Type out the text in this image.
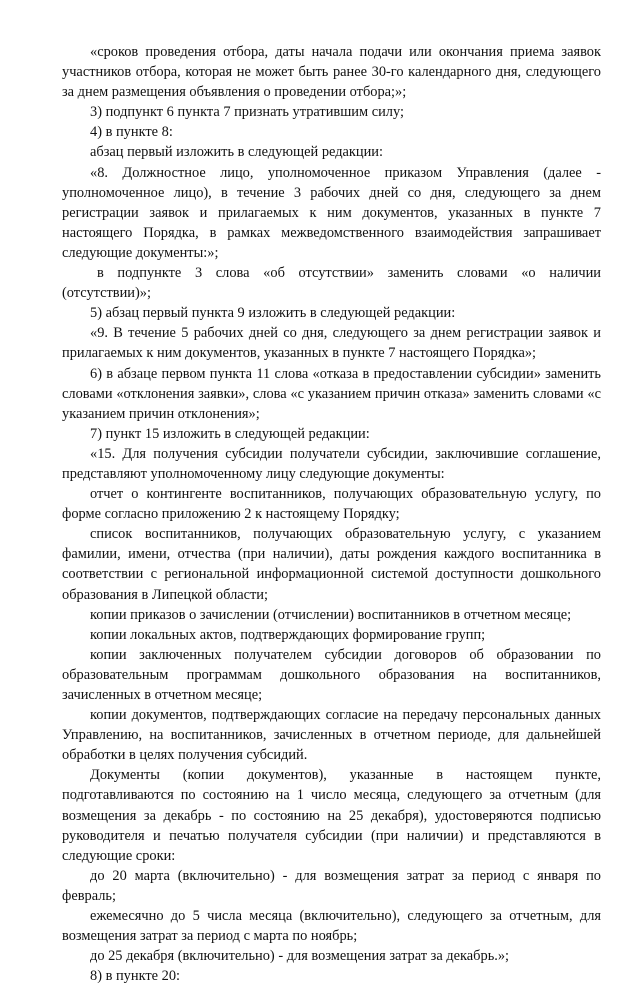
«сроков проведения отбора, даты начала подачи или окончания приема заявок участников отбора, которая не может быть ранее 30-го календарного дня, следующего за днем размещения объявления о проведении отбора;»;

3) подпункт 6 пункта 7 признать утратившим силу;

4) в пункте 8:

абзац первый изложить в следующей редакции:

«8. Должностное лицо, уполномоченное приказом Управления (далее - уполномоченное лицо), в течение 3 рабочих дней со дня, следующего за днем регистрации заявок и прилагаемых к ним документов, указанных в пункте 7 настоящего Порядка, в рамках межведомственного взаимодействия запрашивает следующие документы:»;

в подпункте 3 слова «об отсутствии» заменить словами «о наличии (отсутствии)»;

5) абзац первый пункта 9 изложить в следующей редакции:

«9. В течение 5 рабочих дней со дня, следующего за днем регистрации заявок и прилагаемых к ним документов, указанных в пункте 7 настоящего Порядка»;

6) в абзаце первом пункта 11 слова «отказа в предоставлении субсидии» заменить словами «отклонения заявки», слова «с указанием причин отказа» заменить словами «с указанием причин отклонения»;

7) пункт 15 изложить в следующей редакции:

«15. Для получения субсидии получатели субсидии, заключившие соглашение, представляют уполномоченному лицу следующие документы:

отчет о контингенте воспитанников, получающих образовательную услугу, по форме согласно приложению 2 к настоящему Порядку;

список воспитанников, получающих образовательную услугу, с указанием фамилии, имени, отчества (при наличии), даты рождения каждого воспитанника в соответствии с региональной информационной системой доступности дошкольного образования в Липецкой области;

копии приказов о зачислении (отчислении) воспитанников в отчетном месяце;

копии локальных актов, подтверждающих формирование групп;

копии заключенных получателем субсидии договоров об образовании по образовательным программам дошкольного образования на воспитанников, зачисленных в отчетном месяце;

копии документов, подтверждающих согласие на передачу персональных данных Управлению, на воспитанников, зачисленных в отчетном периоде, для дальнейшей обработки в целях получения субсидий.

Документы (копии документов), указанные в настоящем пункте, подготавливаются по состоянию на 1 число месяца, следующего за отчетным (для возмещения за декабрь - по состоянию на 25 декабря), удостоверяются подписью руководителя и печатью получателя субсидии (при наличии) и представляются в следующие сроки:

до 20 марта (включительно) - для возмещения затрат за период с января по февраль;

ежемесячно до 5 числа месяца (включительно), следующего за отчетным, для возмещения затрат за период с марта по ноябрь;

до 25 декабря (включительно) - для возмещения затрат за декабрь.»;

8) в пункте 20:
